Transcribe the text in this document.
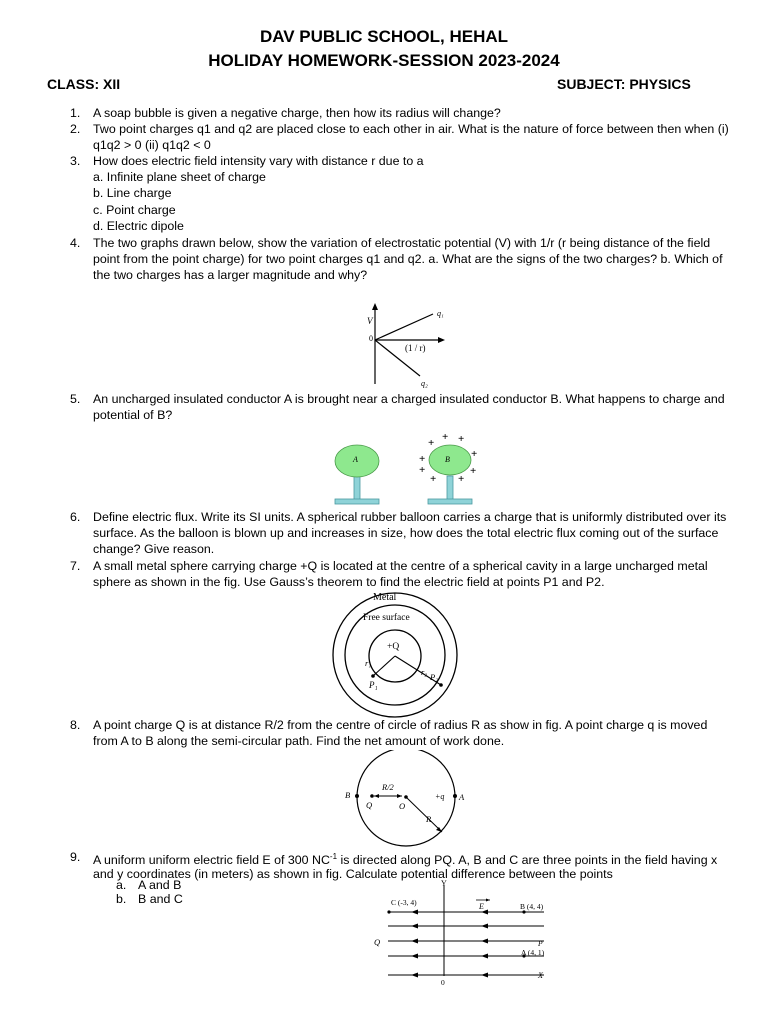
DAV PUBLIC SCHOOL, HEHAL
HOLIDAY HOMEWORK-SESSION 2023-2024
CLASS: XII	SUBJECT: PHYSICS
1. A soap bubble is given a negative charge, then how its radius will change?
2. Two point charges q1 and q2 are placed close to each other in air. What is the nature of force between then when (i) q1q2 > 0 (ii) q1q2 < 0
3. How does electric field intensity vary with distance r due to a
a. Infinite plane sheet of charge
b. Line charge
c. Point charge
d. Electric dipole
4. The two graphs drawn below, show the variation of electrostatic potential (V) with 1/r (r being distance of the field point from the point charge) for two point charges q1 and q2. a. What are the signs of the two charges? b. Which of the two charges has a larger magnitude and why?
V
0
q₁
q₂
(1 / r)
5. An uncharged insulated conductor A is brought near a charged insulated conductor B. What happens to charge and potential of B?
A	B
+ + +
+
+
+
+
+ +
6. Define electric flux. Write its SI units. A spherical rubber balloon carries a charge that is uniformly distributed over its surface. As the balloon is blown up and increases in size, how does the total electric flux coming out of the surface change? Give reason.
7. A small metal sphere carrying charge +Q is located at the centre of a spherical cavity in a large uncharged metal sphere as shown in the fig. Use Gauss’s theorem to find the electric field at points P1 and P2.
Metal
Free surface
+Q
r₁
P₁
r₂ P₂
8. A point charge Q is at distance R/2 from the centre of circle of radius R as show in fig. A point charge q is moved from A to B along the semi-circular path. Find the net amount of work done.
B
Q	O
R/2
R
+q A
9. A uniform uniform electric field E of 300 $NC^{-1}$ is directed along PQ. A, B and C are three points in the field having x and y coordinates (in meters) as shown in fig. Calculate potential difference between the points
a. A and B
b. B and C
Y
C (-3, 4)	E	B (4, 4)
Q	P
A (4, 1)
X
0
